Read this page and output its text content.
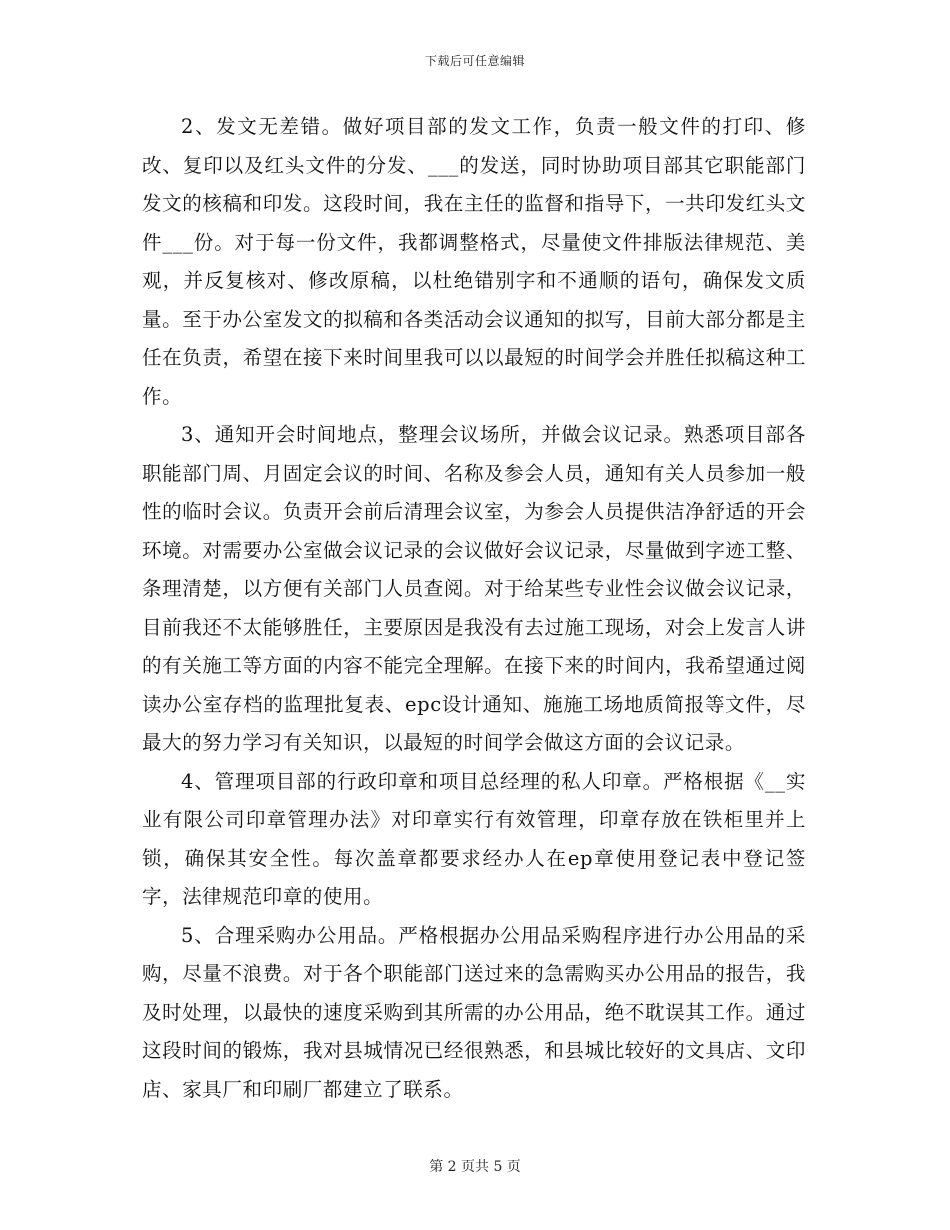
下载后可任意编辑

2、发文无差错。做好项目部的发文工作，负责一般文件的打印、修改、复印以及红头文件的分发、___的发送，同时协助项目部其它职能部门发文的核稿和印发。这段时间，我在主任的监督和指导下，一共印发红头文件___份。对于每一份文件，我都调整格式，尽量使文件排版法律规范、美观，并反复核对、修改原稿，以杜绝错别字和不通顺的语句，确保发文质量。至于办公室发文的拟稿和各类活动会议通知的拟写，目前大部分都是主任在负责，希望在接下来时间里我可以以最短的时间学会并胜任拟稿这种工作。

3、通知开会时间地点，整理会议场所，并做会议记录。熟悉项目部各职能部门周、月固定会议的时间、名称及参会人员，通知有关人员参加一般性的临时会议。负责开会前后清理会议室，为参会人员提供洁净舒适的开会环境。对需要办公室做会议记录的会议做好会议记录，尽量做到字迹工整、条理清楚，以方便有关部门人员查阅。对于给某些专业性会议做会议记录，目前我还不太能够胜任，主要原因是我没有去过施工现场，对会上发言人讲的有关施工等方面的内容不能完全理解。在接下来的时间内，我希望通过阅读办公室存档的监理批复表、epc设计通知、施施工场地质简报等文件，尽最大的努力学习有关知识，以最短的时间学会做这方面的会议记录。

4、管理项目部的行政印章和项目总经理的私人印章。严格根据《__实业有限公司印章管理办法》对印章实行有效管理，印章存放在铁柜里并上锁，确保其安全性。每次盖章都要求经办人在ep章使用登记表中登记签字，法律规范印章的使用。

5、合理采购办公用品。严格根据办公用品采购程序进行办公用品的采购，尽量不浪费。对于各个职能部门送过来的急需购买办公用品的报告，我及时处理，以最快的速度采购到其所需的办公用品，绝不耽误其工作。通过这段时间的锻炼，我对县城情况已经很熟悉，和县城比较好的文具店、文印店、家具厂和印刷厂都建立了联系。

第 2 页共 5 页
